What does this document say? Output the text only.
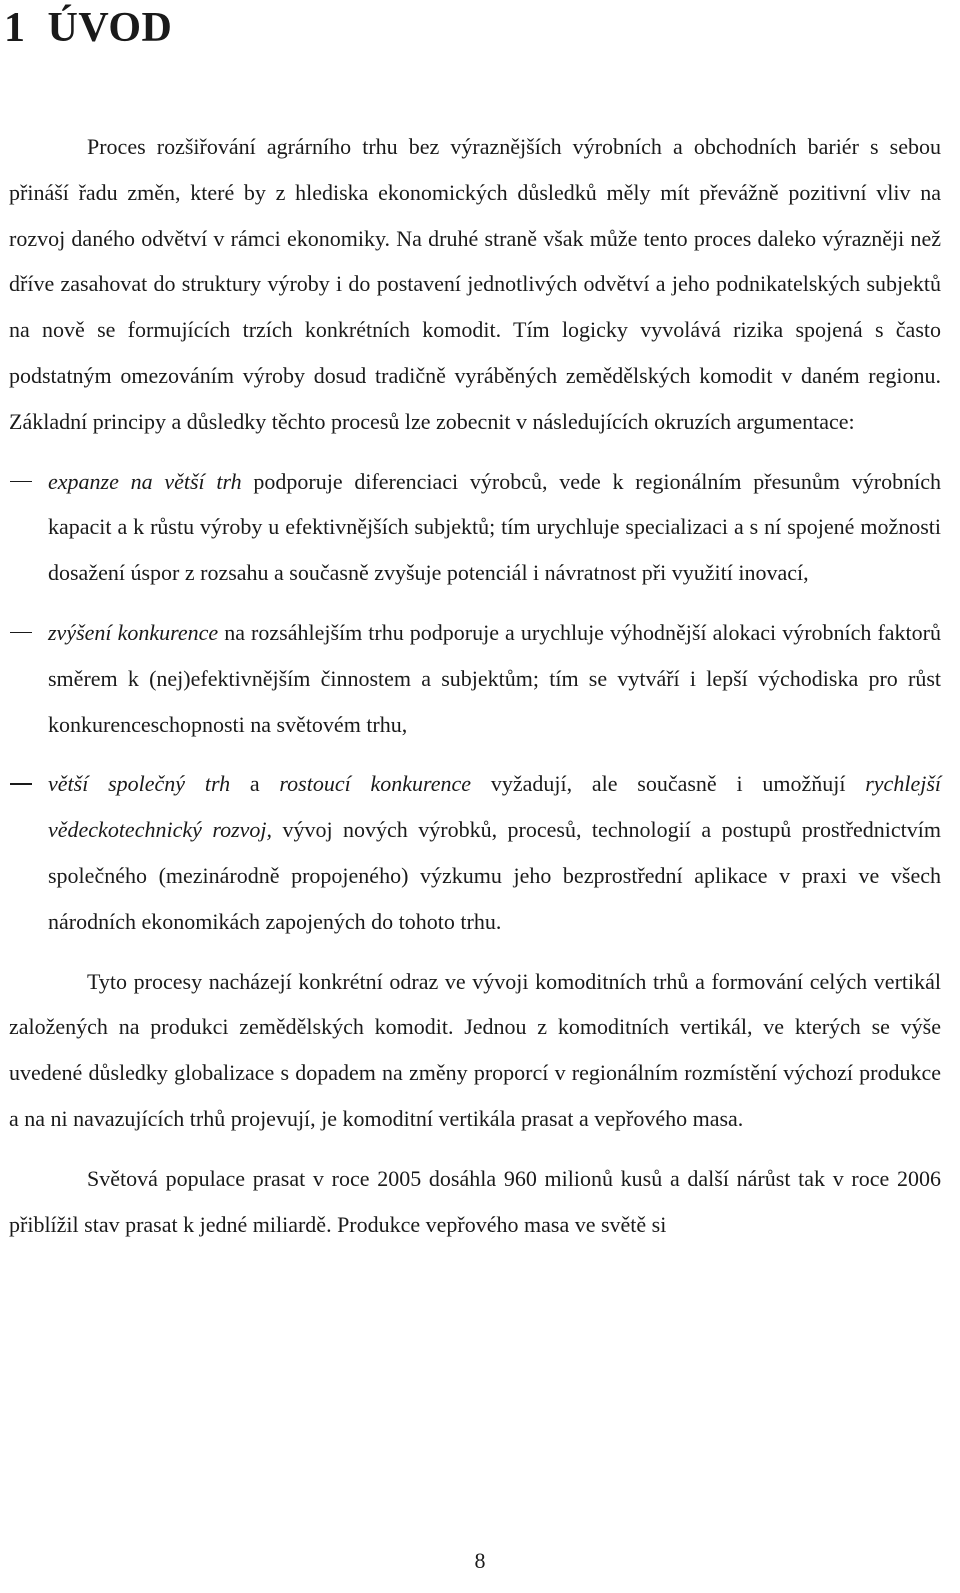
1 ÚVOD

Proces rozšiřování agrárního trhu bez výraznějších výrobních a obchodních bariér s sebou přináší řadu změn, které by z hlediska ekonomických důsledků měly mít převážně pozitivní vliv na rozvoj daného odvětví v rámci ekonomiky. Na druhé straně však může tento proces daleko výrazněji než dříve zasahovat do struktury výroby i do postavení jednotlivých odvětví a jeho podnikatelských subjektů na nově se formujících trzích konkrétních komodit. Tím logicky vyvolává rizika spojená s často podstatným omezováním výroby dosud tradičně vyráběných zemědělských komodit v daném regionu. Základní principy a důsledky těchto procesů lze zobecnit v následujících okruzích argumentace:

expanze na větší trh podporuje diferenciaci výrobců, vede k regionálním přesunům výrobních kapacit a k růstu výroby u efektivnějších subjektů; tím urychluje specializaci a s ní spojené možnosti dosažení úspor z rozsahu a současně zvyšuje potenciál i návratnost při využití inovací,
zvýšení konkurence na rozsáhlejším trhu podporuje a urychluje výhodnější alokaci výrobních faktorů směrem k (nej)efektivnějším činnostem a subjektům; tím se vytváří i lepší východiska pro růst konkurenceschopnosti na světovém trhu,
větší společný trh a rostoucí konkurence vyžadují, ale současně i umožňují rychlejší vědeckotechnický rozvoj, vývoj nových výrobků, procesů, technologií a postupů prostřednictvím společného (mezinárodně propojeného) výzkumu jeho bezprostřední aplikace v praxi ve všech národních ekonomikách zapojených do tohoto trhu.

Tyto procesy nacházejí konkrétní odraz ve vývoji komoditních trhů a formování celých vertikál založených na produkci zemědělských komodit. Jednou z komoditních vertikál, ve kterých se výše uvedené důsledky globalizace s dopadem na změny proporcí v regionálním rozmístění výchozí produkce a na ni navazujících trhů projevují, je komoditní vertikála prasat a vepřového masa.

Světová populace prasat v roce 2005 dosáhla 960 milionů kusů a další nárůst tak v roce 2006 přiblížil stav prasat k jedné miliardě. Produkce vepřového masa ve světě si

8
